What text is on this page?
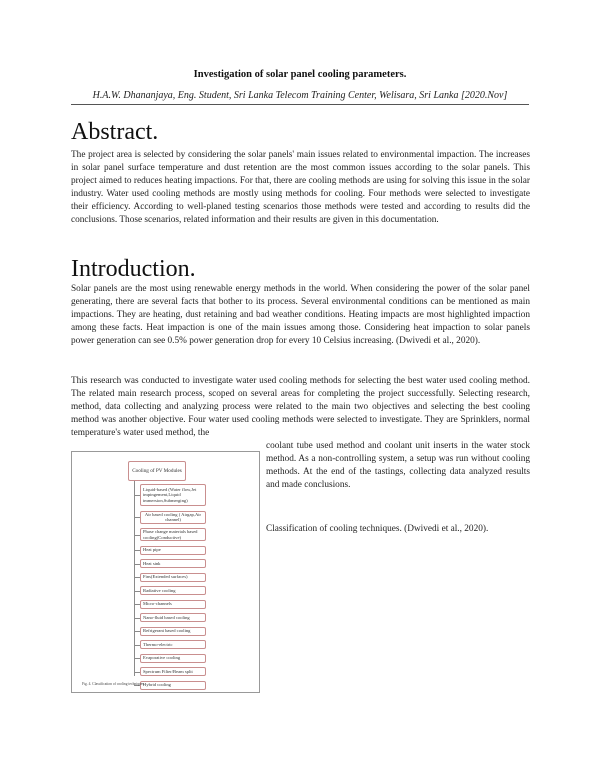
Investigation of solar panel cooling parameters.
H.A.W. Dhananjaya, Eng. Student, Sri Lanka Telecom Training Center, Welisara, Sri Lanka [2020.Nov]
Abstract.

The project area is selected by considering the solar panels' main issues related to environmental impaction. The increases in solar panel surface temperature and dust retention are the most common issues according to the solar panels. This project aimed to reduces heating impactions. For that, there are cooling methods are using for solving this issue in the solar industry. Water used cooling methods are mostly using methods for cooling. Four methods were selected to investigate their efficiency. According to well-planed testing scenarios those methods were tested and according to results did the conclusions. Those scenarios, related information and their results are given in this documentation.

Introduction.

Solar panels are the most using renewable energy methods in the world. When considering the power of the solar panel generating, there are several facts that bother to its process. Several environmental conditions can be mentioned as main impactions. They are heating, dust retaining and bad weather conditions. Heating impacts are most highlighted impaction among these facts. Heat impaction is one of the main issues among those. Considering heat impaction to solar panels power generation can see 0.5% power generation drop for every 10 Celsius increasing. (Dwivedi et al., 2020).

This research was conducted to investigate water used cooling methods for selecting the best water used cooling method. The related main research process, scoped on several areas for completing the project successfully. Selecting research, method, data collecting and analyzing process were related to the main two objectives and selecting the best cooling method was another objective. Four water used cooling methods were selected to investigate. They are Sprinklers, normal temperature's water used method, the

coolant tube used method and coolant unit inserts in the water stock method. As a non-controlling system, a setup was run without cooling methods. At the end of the tastings, collecting data analyzed results and made conclusions.

Classification of cooling techniques. (Dwivedi et al., 2020).

Cooling of PV Modules
Liquid-based (Water flow,Jet impingement,Liquid immersion,Submerging)
Air based cooling ( Airgap,Air channel)
Phase change materials based cooling(Conductive)
Heat pipe
Heat sink
Fins(Extended surfaces)
Radiative cooling
Micro-channels
Nano-fluid based cooling
Refrigerant based cooling
Thermo-electric
Evaporative cooling
Spectrum Filter/Beam split
Hybrid cooling
Fig. 4. Classification of cooling techniques.
